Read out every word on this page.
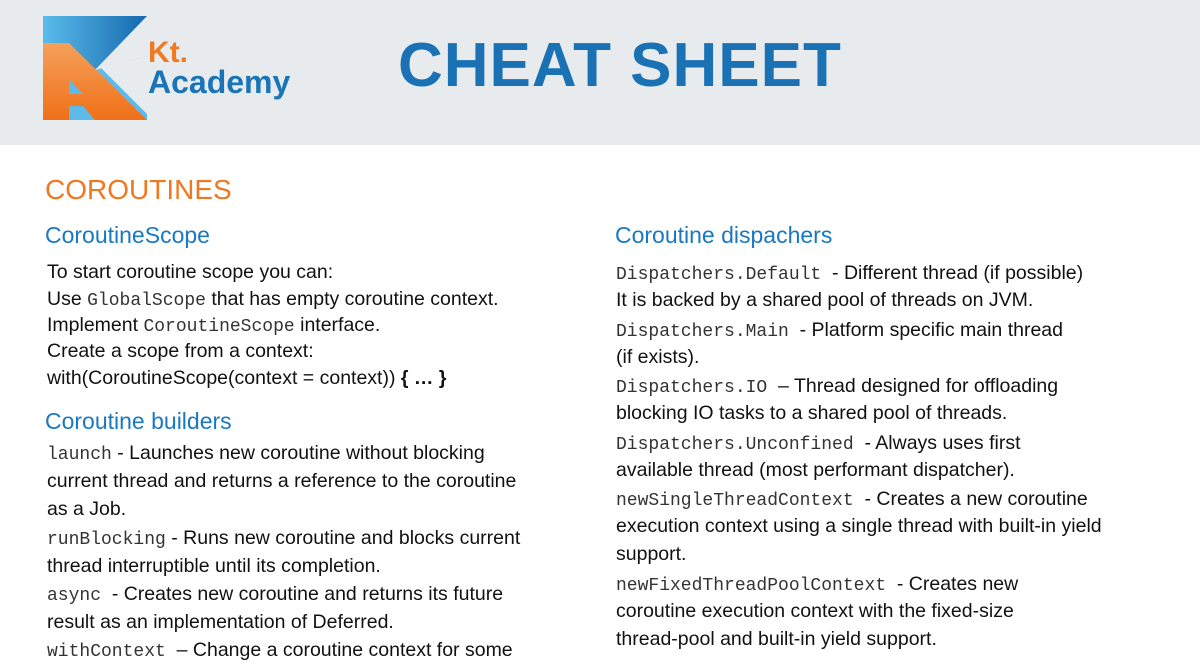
Kt.
Academy CHEAT SHEET
COROUTINES
CoroutineScope
Coroutine builders
Coroutine dispachers
To start coroutine scope you can:
Use GlobalScope that has empty coroutine context.
Implement CoroutineScope interface.
Create a scope from a context:
with(CoroutineScope(context = context)) { … }
launch - Launches new coroutine without blocking
current thread and returns a reference to the coroutine
as a Job.
runBlocking - Runs new coroutine and blocks current
thread interruptible until its completion.
async - Creates new coroutine and returns its future
result as an implementation of Deferred.
withContext – Change a coroutine context for some
Dispatchers.Default - Different thread (if possible)
It is backed by a shared pool of threads on JVM.
Dispatchers.Main - Platform specific main thread
(if exists).
Dispatchers.IO – Thread designed for offloading
blocking IO tasks to a shared pool of threads.
Dispatchers.Unconfined - Always uses first
available thread (most performant dispatcher).
newSingleThreadContext - Creates a new coroutine
execution context using a single thread with built-in yield
support.
newFixedThreadPoolContext - Creates new
coroutine execution context with the fixed-size
thread-pool and built-in yield support.
